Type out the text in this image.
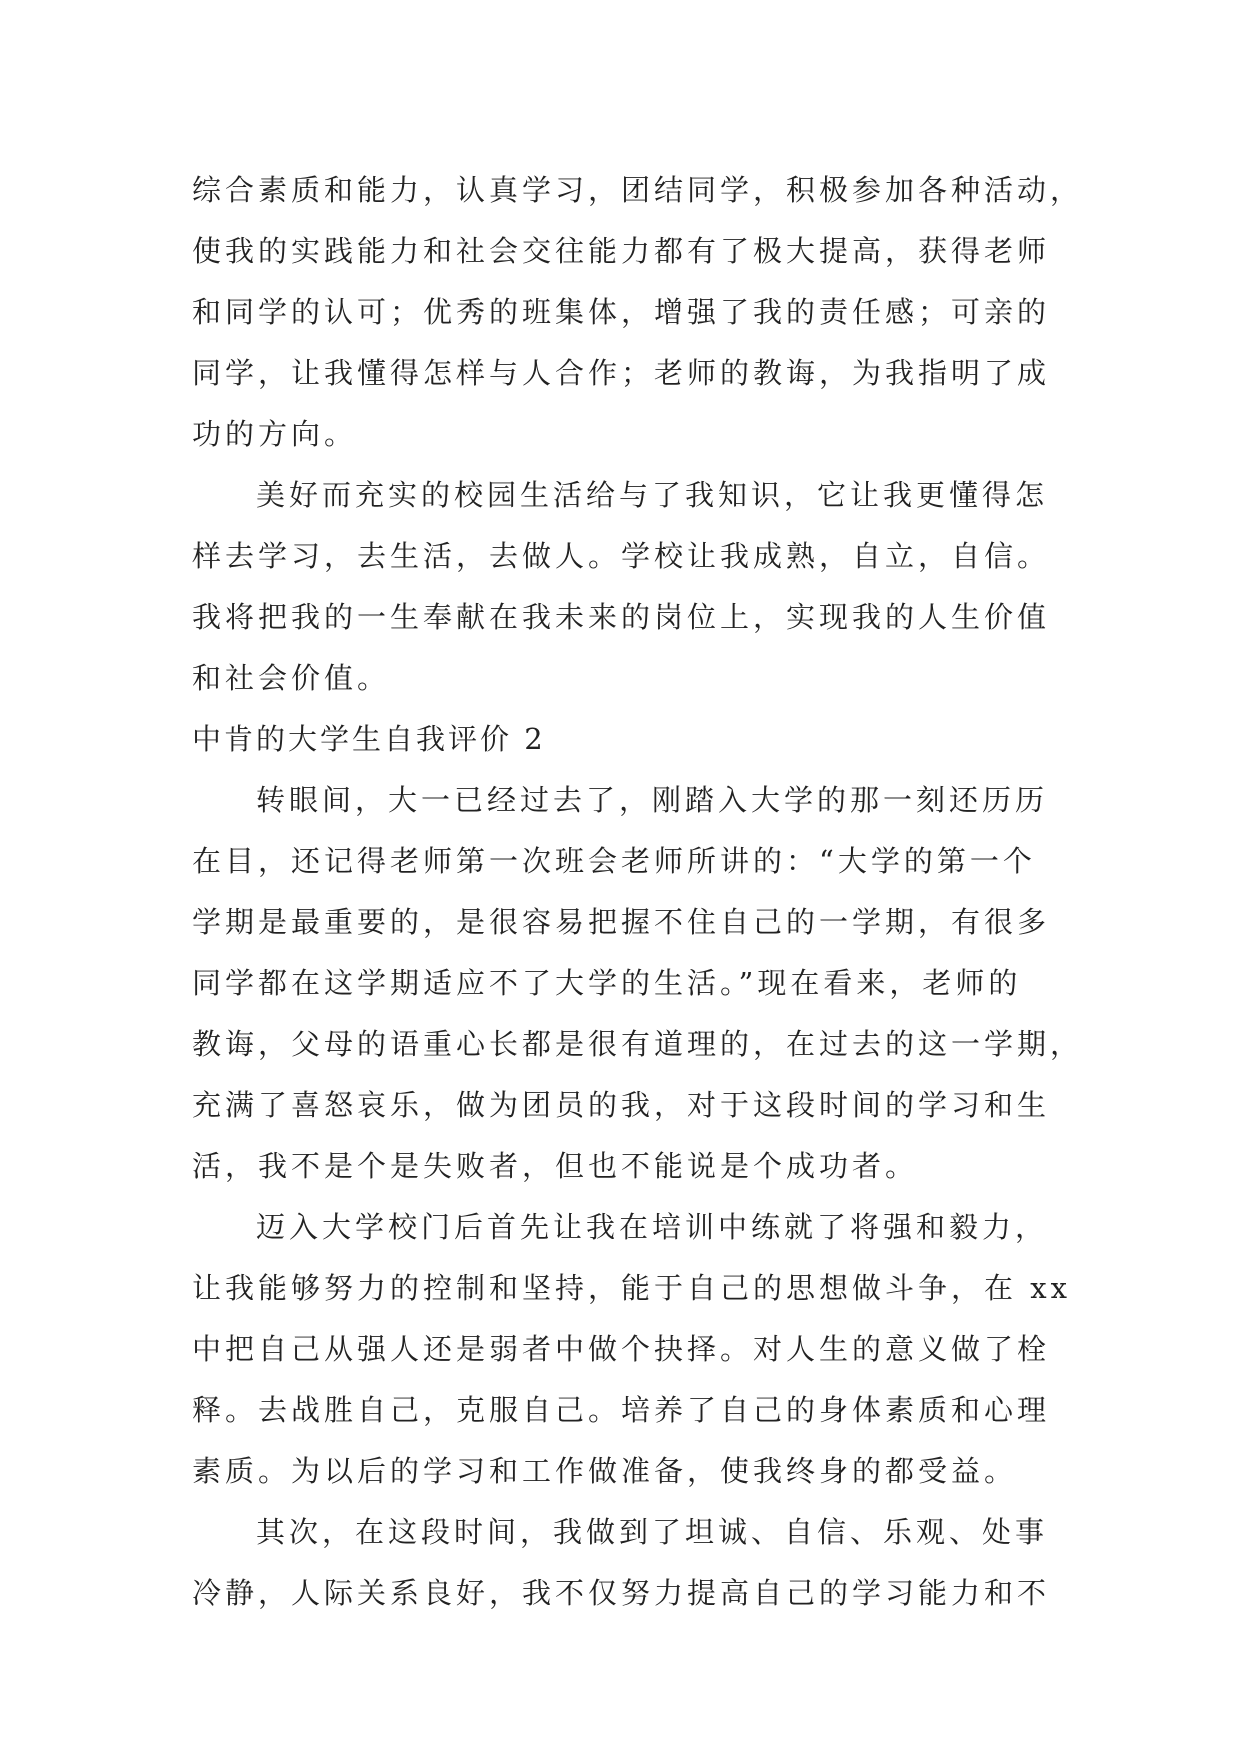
综合素质和能力，认真学习，团结同学，积极参加各种活动，
使我的实践能力和社会交往能力都有了极大提高，获得老师
和同学的认可；优秀的班集体，增强了我的责任感；可亲的
同学，让我懂得怎样与人合作；老师的教诲，为我指明了成
功的方向。

美好而充实的校园生活给与了我知识，它让我更懂得怎
样去学习，去生活，去做人。学校让我成熟，自立，自信。
我将把我的一生奉献在我未来的岗位上，实现我的人生价值
和社会价值。

中肯的大学生自我评价 2

转眼间，大一已经过去了，刚踏入大学的那一刻还历历
在目，还记得老师第一次班会老师所讲的：“大学的第一个
学期是最重要的，是很容易把握不住自己的一学期，有很多
同学都在这学期适应不了大学的生活。”现在看来，老师的
教诲，父母的语重心长都是很有道理的，在过去的这一学期，
充满了喜怒哀乐，做为团员的我，对于这段时间的学习和生
活，我不是个是失败者，但也不能说是个成功者。

迈入大学校门后首先让我在培训中练就了将强和毅力，
让我能够努力的控制和坚持，能于自己的思想做斗争，在 xx
中把自己从强人还是弱者中做个抉择。对人生的意义做了栓
释。去战胜自己，克服自己。培养了自己的身体素质和心理
素质。为以后的学习和工作做准备，使我终身的都受益。

其次，在这段时间，我做到了坦诚、自信、乐观、处事
冷静，人际关系良好，我不仅努力提高自己的学习能力和不
